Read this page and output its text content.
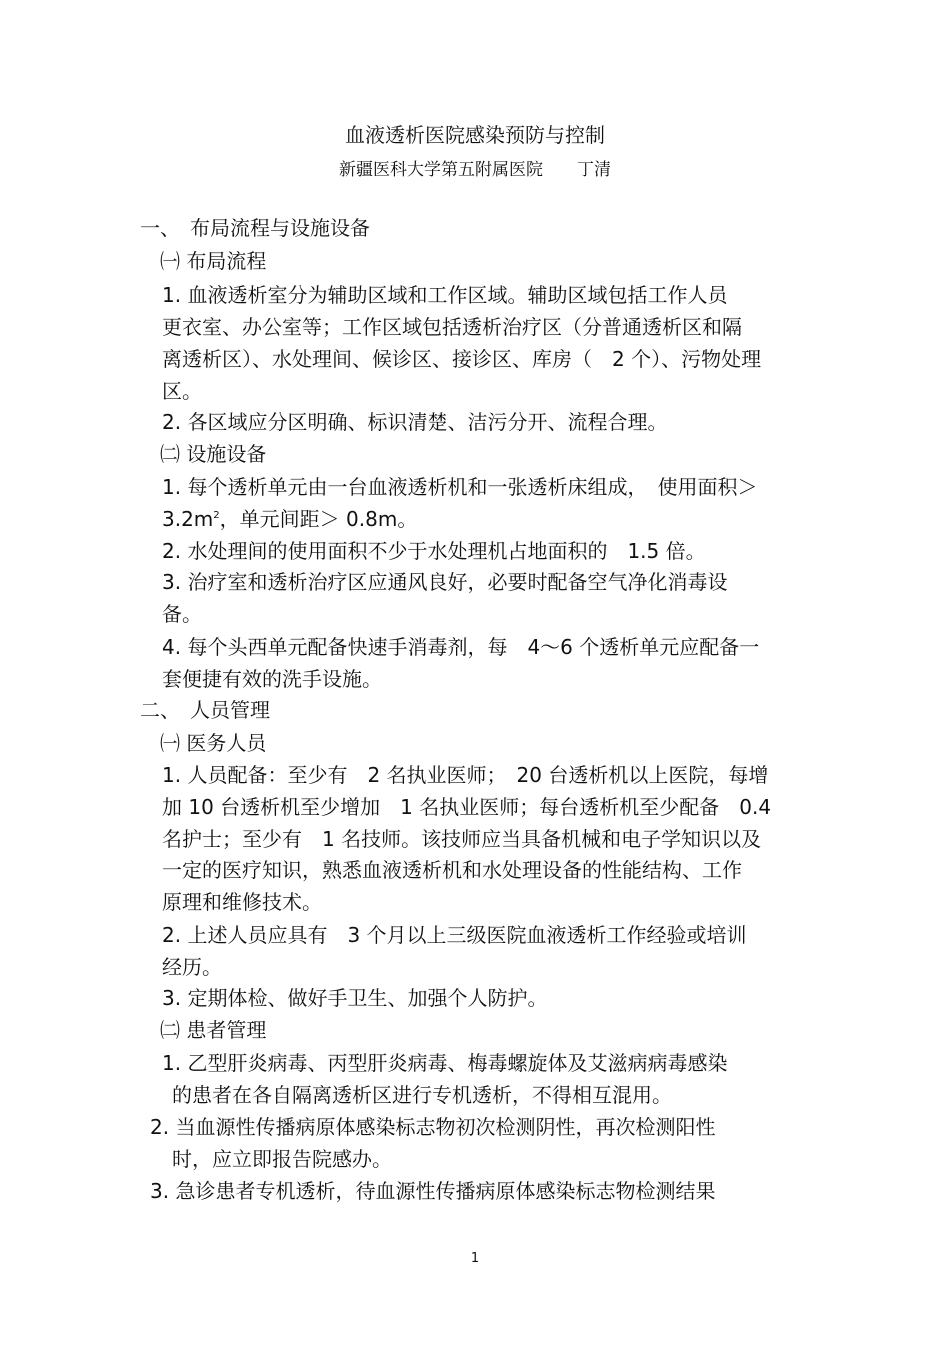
血液透析医院感染预防与控制
新疆医科大学第五附属医院　　丁清
一、　布局流程与设施设备
㈠ 布局流程
1. 血液透析室分为辅助区域和工作区域。辅助区域包括工作人员
更衣室、办公室等；工作区域包括透析治疗区（分普通透析区和隔
离透析区）、水处理间、候诊区、接诊区、库房（　2 个）、污物处理
区。
2. 各区域应分区明确、标识清楚、洁污分开、流程合理。
㈡ 设施设备
1. 每个透析单元由一台血液透析机和一张透析床组成，　使用面积＞
$3.2m^2$，单元间距＞ 0.8m。
2. 水处理间的使用面积不少于水处理机占地面积的　1.5 倍。
3. 治疗室和透析治疗区应通风良好，必要时配备空气净化消毒设
备。
4. 每个头西单元配备快速手消毒剂，每　4～6 个透析单元应配备一
套便捷有效的洗手设施。
二、　人员管理
㈠ 医务人员
1. 人员配备：至少有　2 名执业医师；　20 台透析机以上医院，每增
加 10 台透析机至少增加　1 名执业医师；每台透析机至少配备　0.4
名护士；至少有　1 名技师。该技师应当具备机械和电子学知识以及
一定的医疗知识，熟悉血液透析机和水处理设备的性能结构、工作
原理和维修技术。
2. 上述人员应具有　3 个月以上三级医院血液透析工作经验或培训
经历。
3. 定期体检、做好手卫生、加强个人防护。
㈡ 患者管理
1. 乙型肝炎病毒、丙型肝炎病毒、梅毒螺旋体及艾滋病病毒感染
的患者在各自隔离透析区进行专机透析，不得相互混用。
2. 当血源性传播病原体感染标志物初次检测阴性，再次检测阳性
时，应立即报告院感办。
3. 急诊患者专机透析，待血源性传播病原体感染标志物检测结果
1
